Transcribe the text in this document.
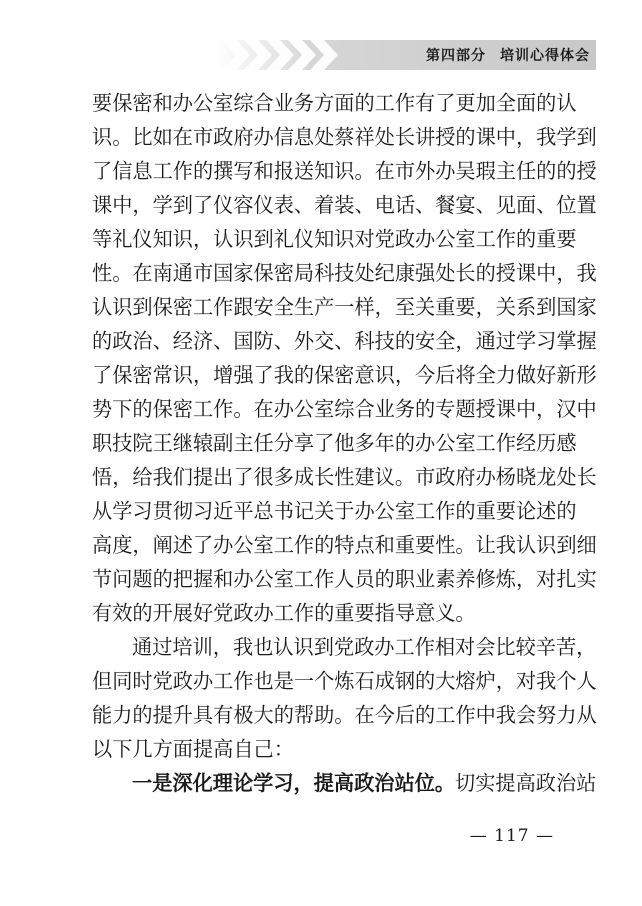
第四部分 培训心得体会
要保密和办公室综合业务方面的工作有了更加全面的认
识。比如在市政府办信息处蔡祥处长讲授的课中，我学到
了信息工作的撰写和报送知识。在市外办吴瑕主任的的授
课中，学到了仪容仪表、着装、电话、餐宴、见面、位置
等礼仪知识，认识到礼仪知识对党政办公室工作的重要
性。在南通市国家保密局科技处纪康强处长的授课中，我
认识到保密工作跟安全生产一样，至关重要，关系到国家
的政治、经济、国防、外交、科技的安全，通过学习掌握
了保密常识，增强了我的保密意识，今后将全力做好新形
势下的保密工作。在办公室综合业务的专题授课中，汉中
职技院王继辕副主任分享了他多年的办公室工作经历感
悟，给我们提出了很多成长性建议。市政府办杨晓龙处长
从学习贯彻习近平总书记关于办公室工作的重要论述的
高度，阐述了办公室工作的特点和重要性。让我认识到细
节问题的把握和办公室工作人员的职业素养修炼，对扎实
有效的开展好党政办工作的重要指导意义。
通过培训，我也认识到党政办工作相对会比较辛苦，
但同时党政办工作也是一个炼石成钢的大熔炉，对我个人
能力的提升具有极大的帮助。在今后的工作中我会努力从
以下几方面提高自己：
一是深化理论学习，提高政治站位。切实提高政治站
— 117 —
